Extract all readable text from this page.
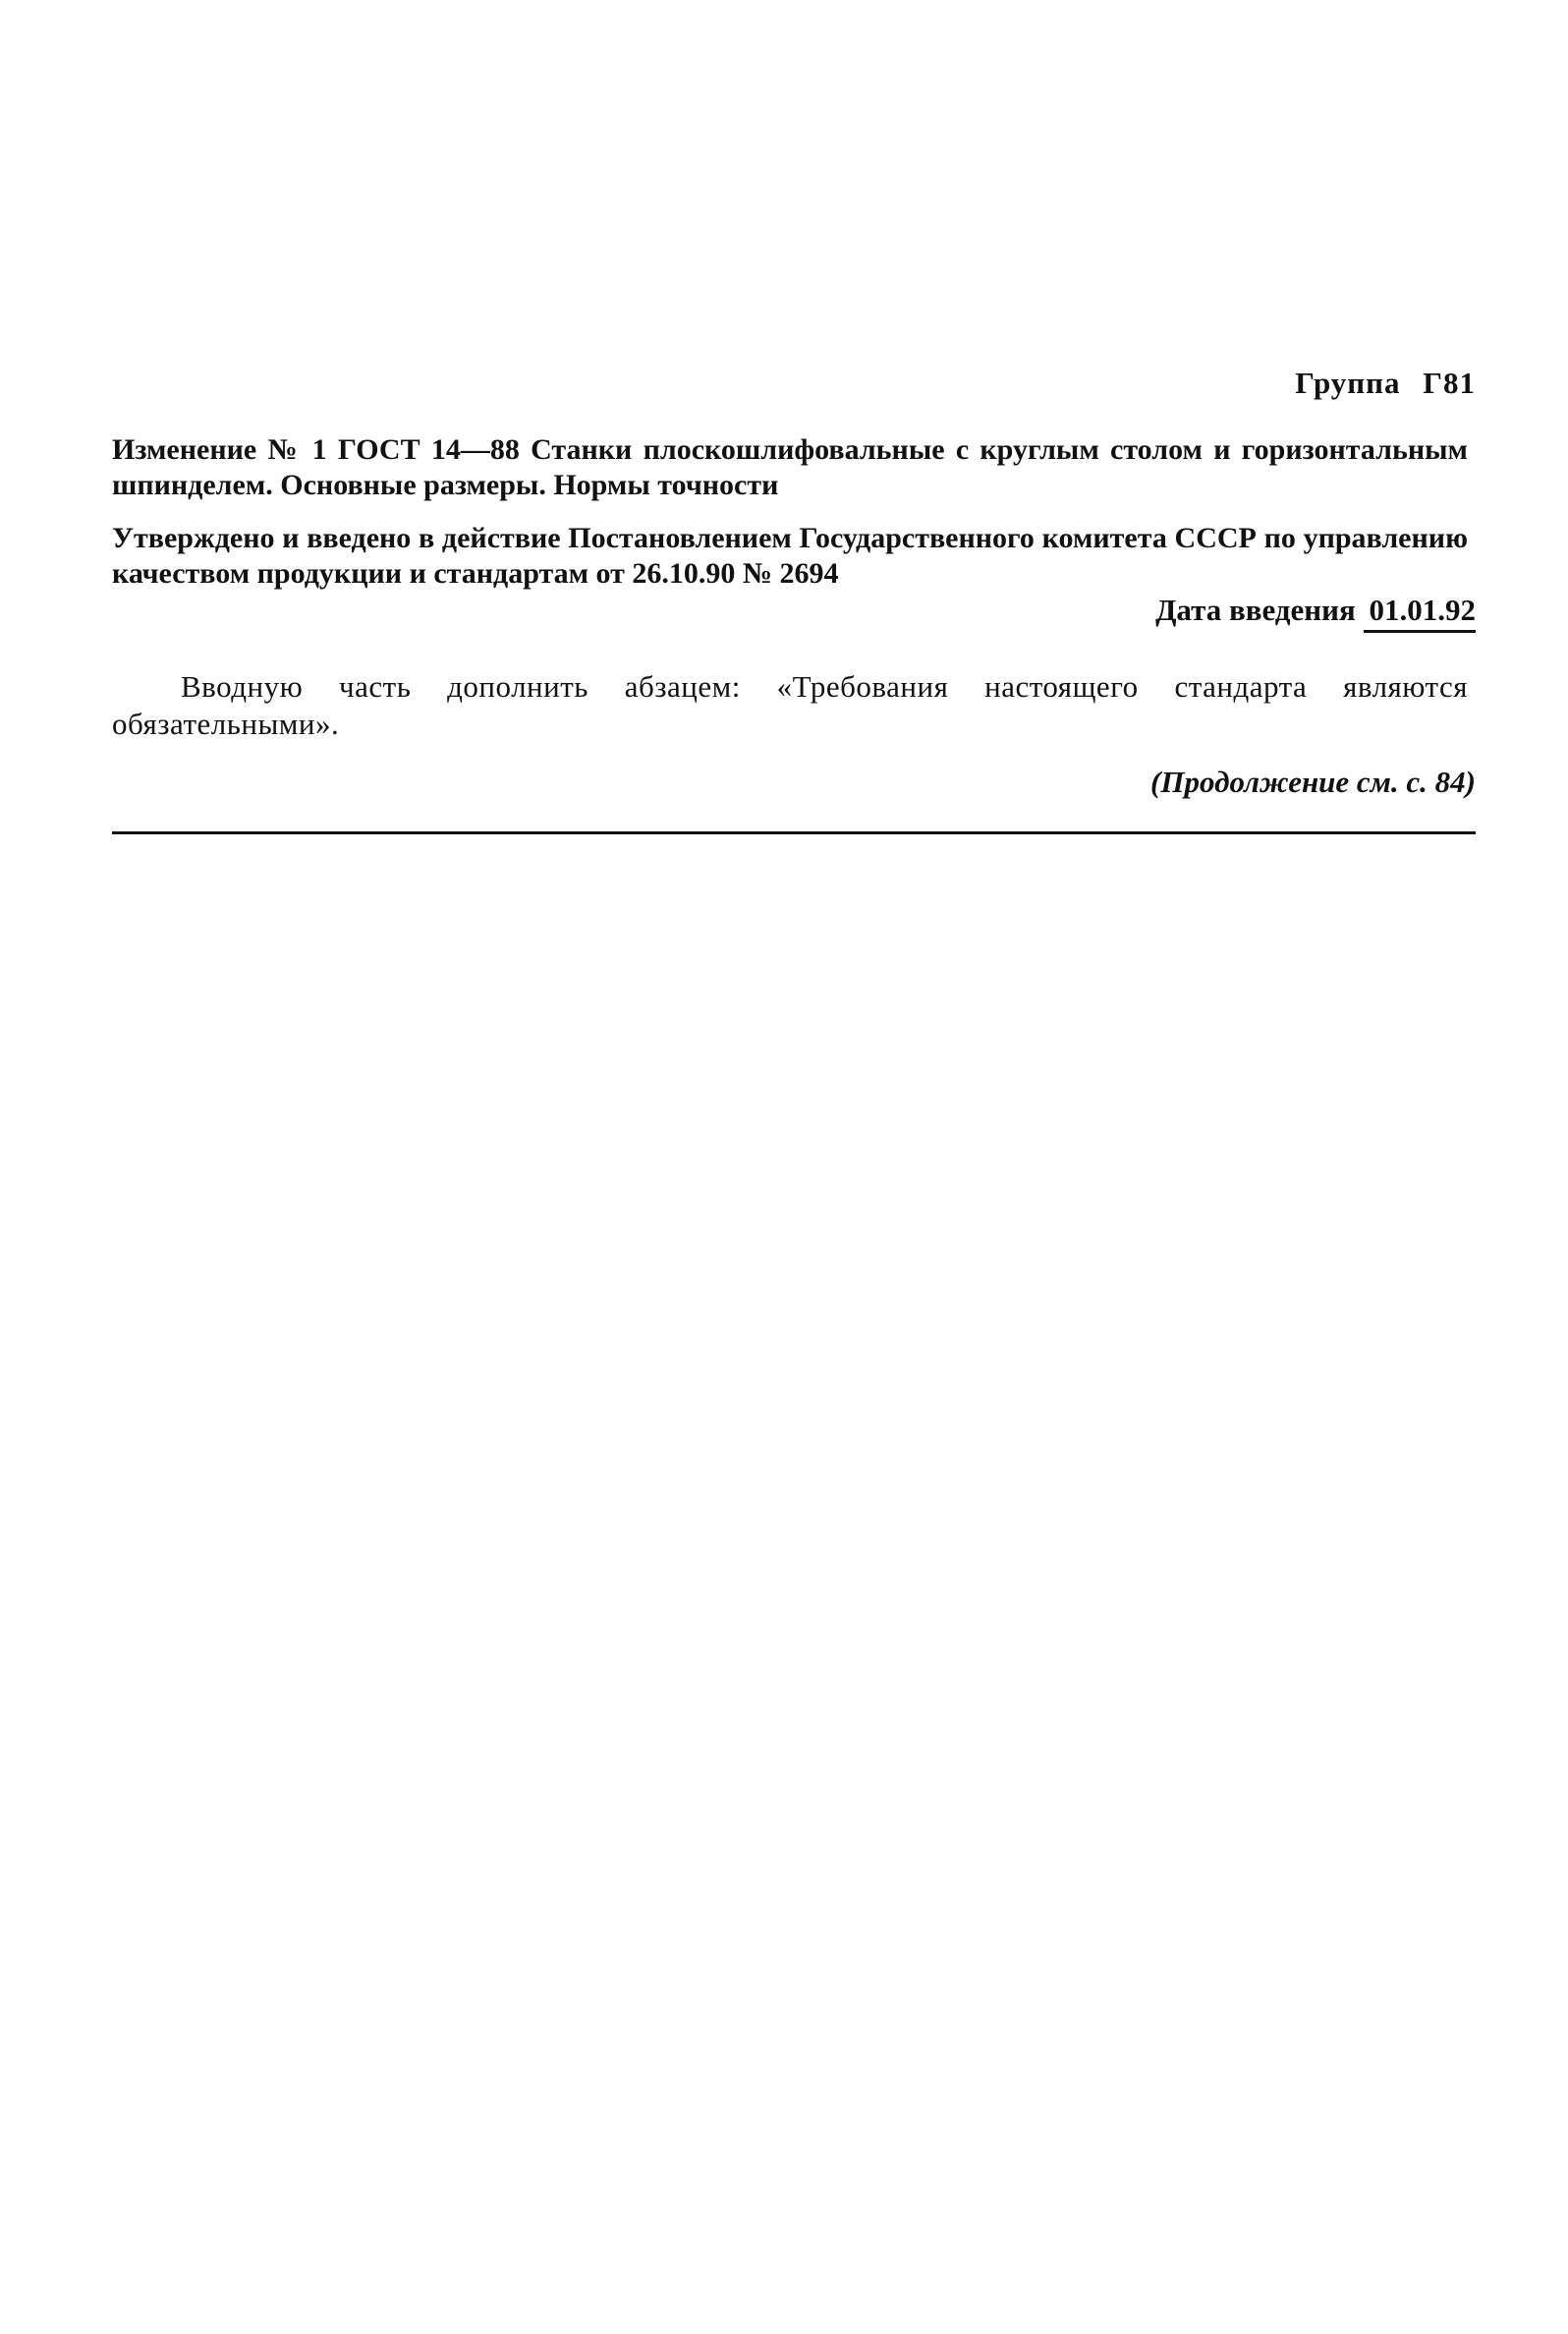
Группа Г81
Изменение № 1 ГОСТ 14—88 Станки плоскошлифовальные с круглым столом и горизонтальным шпинделем. Основные размеры. Нормы точности
Утверждено и введено в действие Постановлением Государственного комитета СССР по управлению качеством продукции и стандартам от 26.10.90 № 2694
Дата введения 01.01.92
Вводную часть дополнить абзацем: «Требования настоящего стандарта являются обязательными».
(Продолжение см. с. 84)
